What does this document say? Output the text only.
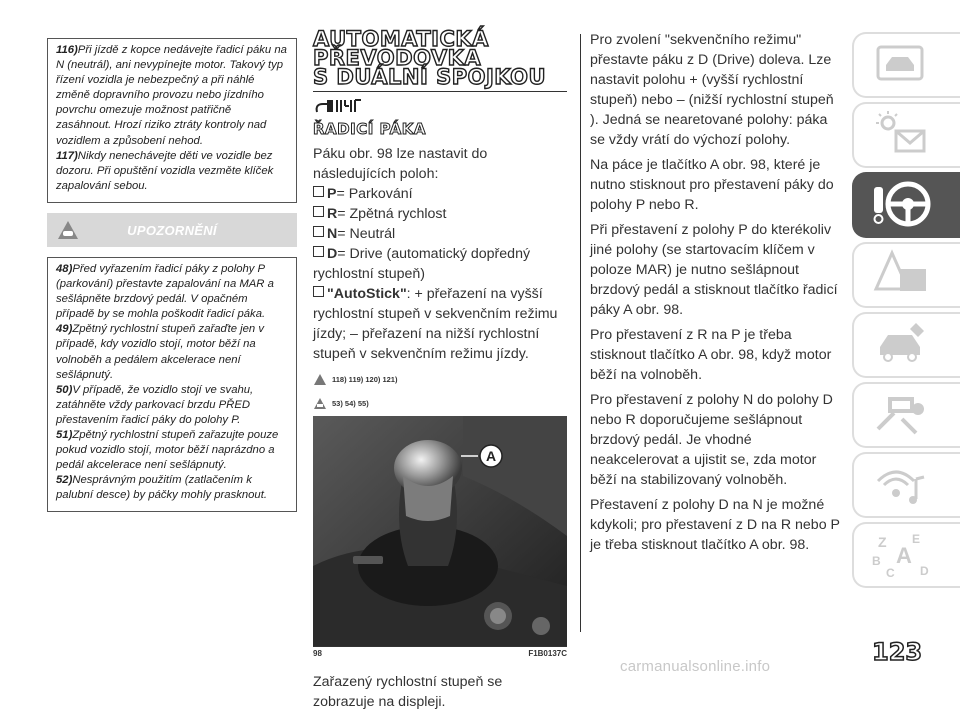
116)Při jízdě z kopce nedávejte řadicí páku na N (neutrál), ani nevypínejte motor. Takový typ řízení vozidla je nebezpečný a při náhlé změně dopravního provozu nebo jízdního povrchu omezuje možnost patřičně zasáhnout. Hrozí riziko ztráty kontroly nad vozidlem a způsobení nehod.

117)Nikdy nenechávejte děti ve vozidle bez dozoru. Při opuštění vozidla vezměte klíček zapalování sebou.

UPOZORNĚNÍ

48)Před vyřazením řadicí páky z polohy P (parkování) přestavte zapalování na MAR a sešlápněte brzdový pedál. V opačném případě by se mohla poškodit řadicí páka.

49)Zpětný rychlostní stupeň zařaďte jen v případě, kdy vozidlo stojí, motor běží na volnoběh a pedálem akcelerace není sešlápnutý.

50)V případě, že vozidlo stojí ve svahu, zatáhněte vždy parkovací brzdu PŘED přestavením řadicí páky do polohy P.

51)Zpětný rychlostní stupeň zařazujte pouze pokud vozidlo stojí, motor běží naprázdno a pedál akcelerace není sešlápnutý.

52)Nesprávným použitím (zatlačením k palubní desce) by páčky mohly prasknout.

AUTOMATICKÁ
PŘEVODOVKA
S DUÁLNÍ SPOJKOU
ŘADICÍ PÁKA

Páku obr. 98 lze nastavit do následujících poloh:

P= Parkování
R= Zpětná rychlost
N= Neutrál
D= Drive (automatický dopředný rychlostní stupeň)
"AutoStick": + přeřazení na vyšší rychlostní stupeň v sekvenčním režimu jízdy; – přeřazení na nižší rychlostní stupeň v sekvenčním režimu jízdy.
118) 119) 120) 121)
53) 54) 55)
A
98	F1B0137C

Zařazený rychlostní stupeň se zobrazuje na displeji.

Pro zvolení "sekvenčního režimu" přestavte páku z D (Drive) doleva. Lze nastavit polohu + (vyšší rychlostní stupeň) nebo – (nižší rychlostní stupeň ). Jedná se nearetované polohy: páka se vždy vrátí do výchozí polohy.

Na páce je tlačítko A obr. 98, které je nutno stisknout pro přestavení páky do polohy P nebo R.

Při přestavení z polohy P do kterékoliv jiné polohy (se startovacím klíčem v poloze MAR) je nutno sešlápnout brzdový pedál a stisknout tlačítko řadicí páky A obr. 98.

Pro přestavení z R na P je třeba stisknout tlačítko A obr. 98, když motor běží na volnoběh.

Pro přestavení z polohy N do polohy D nebo R doporučujeme sešlápnout brzdový pedál. Je vhodné neakcelerovat a ujistit se, zda motor běží na stabilizovaný volnoběh.

Přestavení z polohy D na N je možné kdykoli; pro přestavení z D na R nebo P je třeba stisknout tlačítko A obr. 98.	Z E
B A
C D
123
carmanualsonline.info
